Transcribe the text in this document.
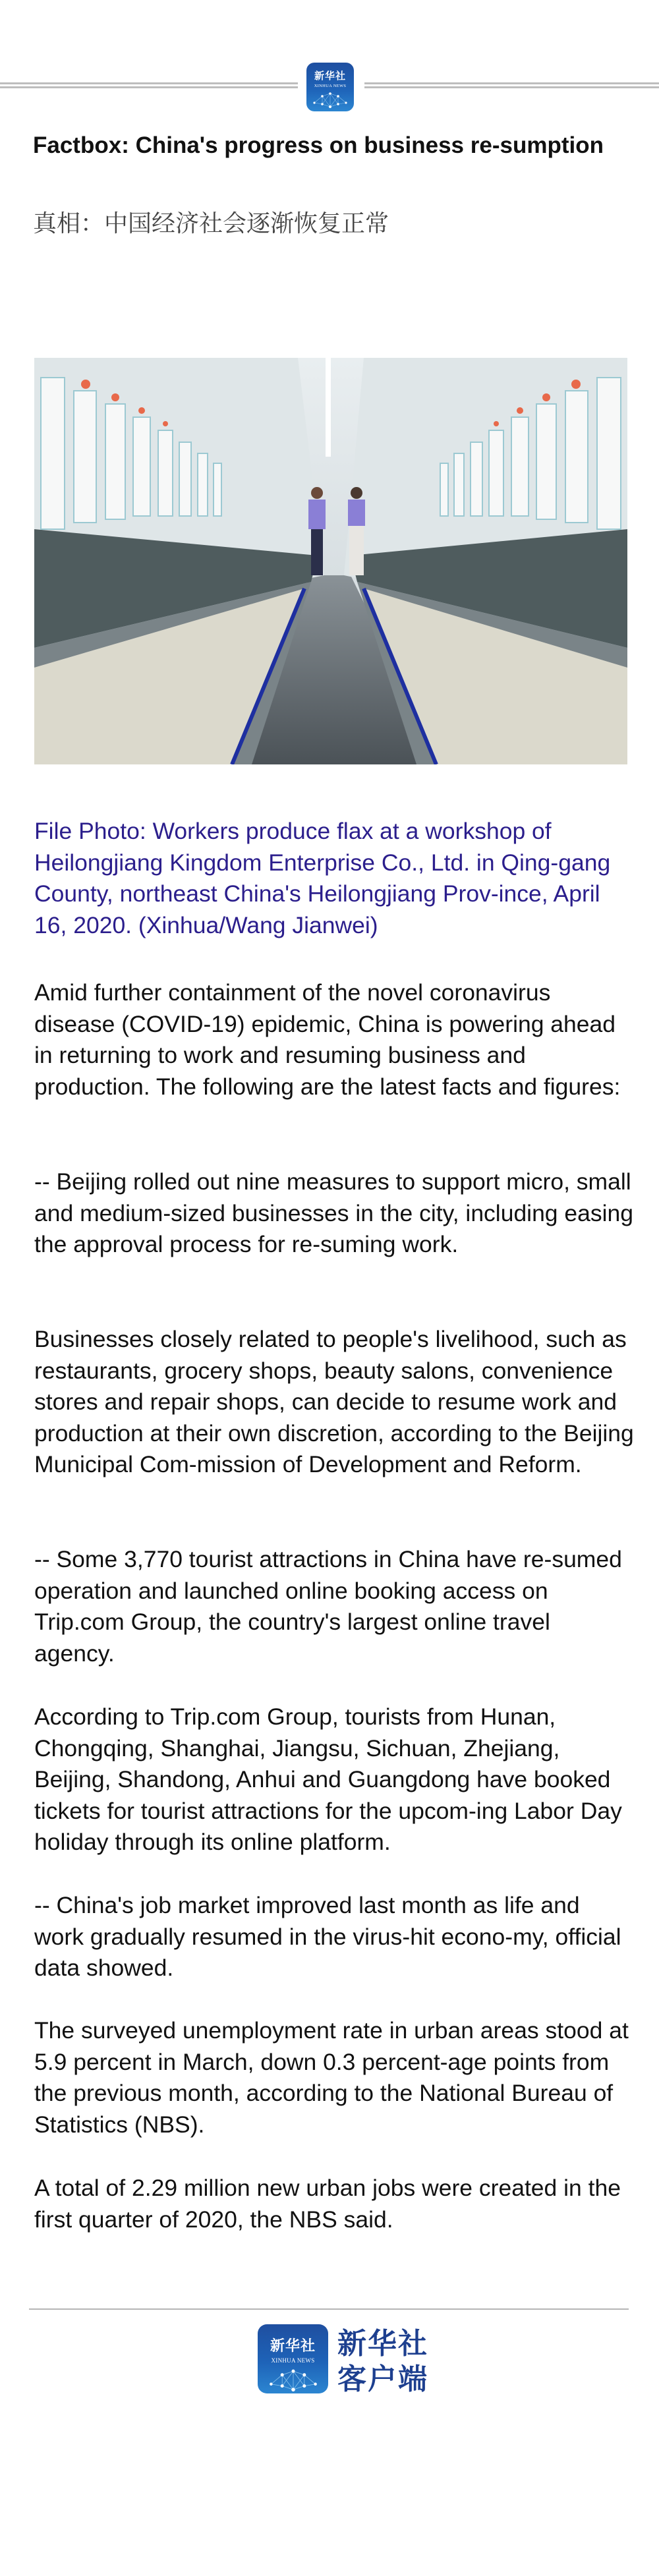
新华社
XINHUA NEWS
Factbox: China's progress on business re-sumption

真相：中国经济社会逐渐恢复正常

File Photo: Workers produce flax at a workshop of Heilongjiang Kingdom Enterprise Co., Ltd. in Qing-gang County, northeast China's Heilongjiang Prov-ince, April 16, 2020. (Xinhua/Wang Jianwei)

Amid further containment of the novel coronavirus disease (COVID-19) epidemic, China is powering ahead in returning to work and resuming business and production. The following are the latest facts and figures:

-- Beijing rolled out nine measures to support micro, small and medium-sized businesses in the city, including easing the approval process for re-suming work.

Businesses closely related to people's livelihood, such as restaurants, grocery shops, beauty salons, convenience stores and repair shops, can decide to resume work and production at their own discretion, according to the Beijing Municipal Com-mission of Development and Reform.

-- Some 3,770 tourist attractions in China have re-sumed operation and launched online booking access on Trip.com Group, the country's largest online travel agency.

According to Trip.com Group, tourists from Hunan, Chongqing, Shanghai, Jiangsu, Sichuan, Zhejiang, Beijing, Shandong, Anhui and Guangdong have booked tickets for tourist attractions for the upcom-ing Labor Day holiday through its online platform.

-- China's job market improved last month as life and work gradually resumed in the virus-hit econo-my, official data showed.

The surveyed unemployment rate in urban areas stood at 5.9 percent in March, down 0.3 percent-age points from the previous month, according to the National Bureau of Statistics (NBS).

A total of 2.29 million new urban jobs were created in the first quarter of 2020, the NBS said.

新华社
XINHUA NEWS 新华社
客户端
